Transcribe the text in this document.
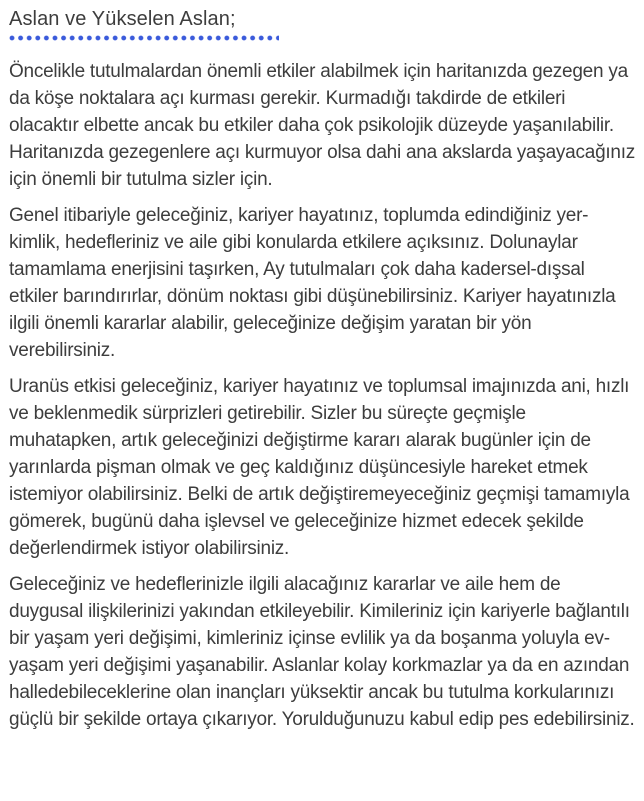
Aslan ve Yükselen Aslan;

Öncelikle tutulmalardan önemli etkiler alabilmek için haritanızda gezegen ya da köşe noktalara açı kurması gerekir. Kurmadığı takdirde de etkileri olacaktır elbette ancak bu etkiler daha çok psikolojik düzeyde yaşanılabilir. Haritanızda gezegenlere açı kurmuyor olsa dahi ana akslarda yaşayacağınız için önemli bir tutulma sizler için.

Genel itibariyle geleceğiniz, kariyer hayatınız, toplumda edindiğiniz yer-kimlik, hedefleriniz ve aile gibi konularda etkilere açıksınız. Dolunaylar tamamlama enerjisini taşırken, Ay tutulmaları çok daha kadersel-dışsal etkiler barındırırlar, dönüm noktası gibi düşünebilirsiniz. Kariyer hayatınızla ilgili önemli kararlar alabilir, geleceğinize değişim yaratan bir yön verebilirsiniz.

Uranüs etkisi geleceğiniz, kariyer hayatınız ve toplumsal imajınızda ani, hızlı ve beklenmedik sürprizleri getirebilir. Sizler bu süreçte geçmişle muhatapken, artık geleceğinizi değiştirme kararı alarak bugünler için de yarınlarda pişman olmak ve geç kaldığınız düşüncesiyle hareket etmek istemiyor olabilirsiniz. Belki de artık değiştiremeyeceğiniz geçmişi tamamıyla gömerek, bugünü daha işlevsel ve geleceğinize hizmet edecek şekilde değerlendirmek istiyor olabilirsiniz.

Geleceğiniz ve hedeflerinizle ilgili alacağınız kararlar ve aile hem de duygusal ilişkilerinizi yakından etkileyebilir. Kimileriniz için kariyerle bağlantılı bir yaşam yeri değişimi, kimleriniz içinse evlilik ya da boşanma yoluyla ev-yaşam yeri değişimi yaşanabilir. Aslanlar kolay korkmazlar ya da en azından halledebileceklerine olan inançları yüksektir ancak bu tutulma korkularınızı güçlü bir şekilde ortaya çıkarıyor. Yorulduğunuzu kabul edip pes edebilirsiniz.
